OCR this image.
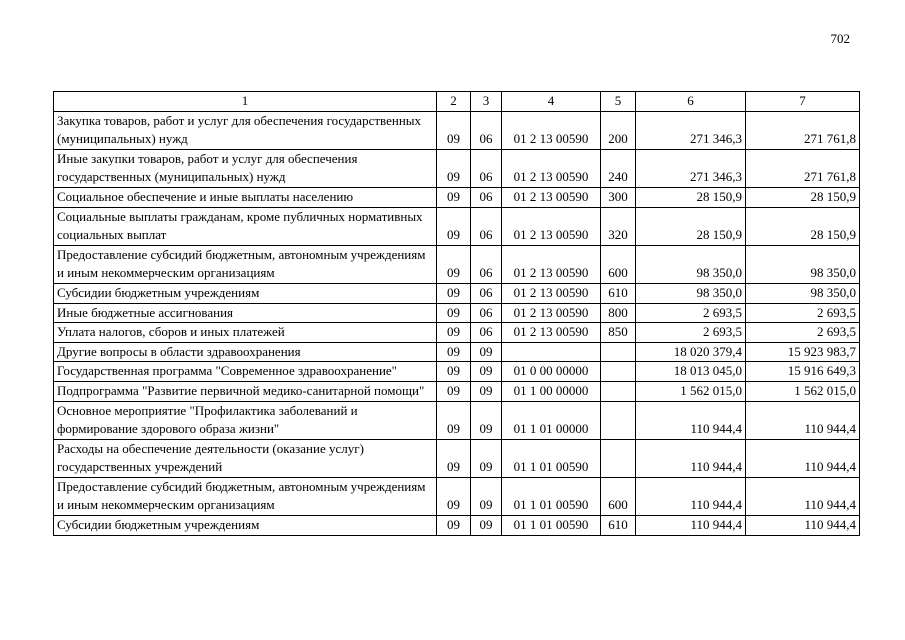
702
1	2	3	4	5	6	7
Закупка товаров, работ и услуг для обеспечения государственных (муниципальных) нужд	09	06	01 2 13 00590	200	271 346,3	271 761,8
Иные закупки товаров, работ и услуг для обеспечения государственных (муниципальных) нужд	09	06	01 2 13 00590	240	271 346,3	271 761,8
Социальное обеспечение и иные выплаты населению	09	06	01 2 13 00590	300	28 150,9	28 150,9
Социальные выплаты гражданам, кроме публичных нормативных социальных выплат	09	06	01 2 13 00590	320	28 150,9	28 150,9
Предоставление субсидий бюджетным, автономным учреждениям и иным некоммерческим организациям	09	06	01 2 13 00590	600	98 350,0	98 350,0
Субсидии бюджетным учреждениям	09	06	01 2 13 00590	610	98 350,0	98 350,0
Иные бюджетные ассигнования	09	06	01 2 13 00590	800	2 693,5	2 693,5
Уплата налогов, сборов и иных платежей	09	06	01 2 13 00590	850	2 693,5	2 693,5
Другие вопросы в области здравоохранения	09	09			18 020 379,4	15 923 983,7
Государственная программа "Современное здравоохранение"	09	09	01 0 00 00000		18 013 045,0	15 916 649,3
Подпрограмма "Развитие первичной медико-санитарной помощи"	09	09	01 1 00 00000		1 562 015,0	1 562 015,0
Основное мероприятие "Профилактика заболеваний и формирование здорового образа жизни"	09	09	01 1 01 00000		110 944,4	110 944,4
Расходы на обеспечение деятельности (оказание услуг) государственных учреждений	09	09	01 1 01 00590		110 944,4	110 944,4
Предоставление субсидий бюджетным, автономным учреждениям и иным некоммерческим организациям	09	09	01 1 01 00590	600	110 944,4	110 944,4
Субсидии бюджетным учреждениям	09	09	01 1 01 00590	610	110 944,4	110 944,4
